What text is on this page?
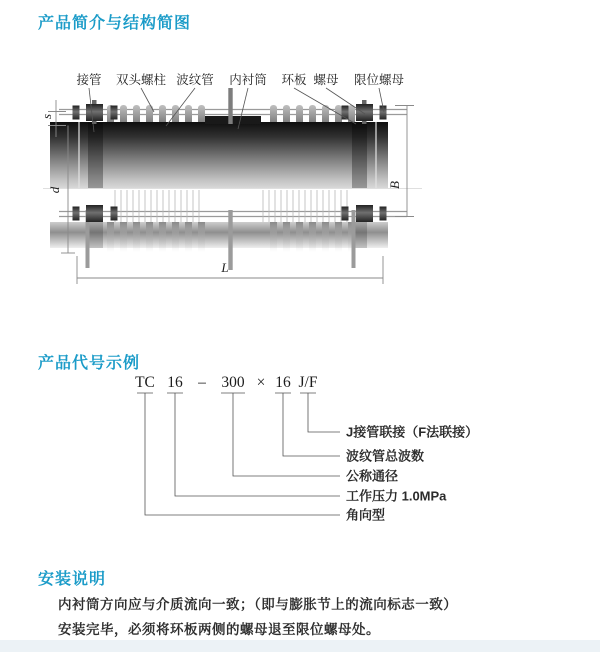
产品简介与结构简图
接管 双头螺柱 波纹管 内衬筒 环板 螺母 限位螺母
s
d
B
L
产品代号示例
TC 16 – 300 × 16 J/F
J接管联接（F法联接）
波纹管总波数
公称通径
工作压力 1.0MPa
角向型
安装说明
内衬筒方向应与介质流向一致；（即与膨胀节上的流向标志一致）
安装完毕，必须将环板两侧的螺母退至限位螺母处。
